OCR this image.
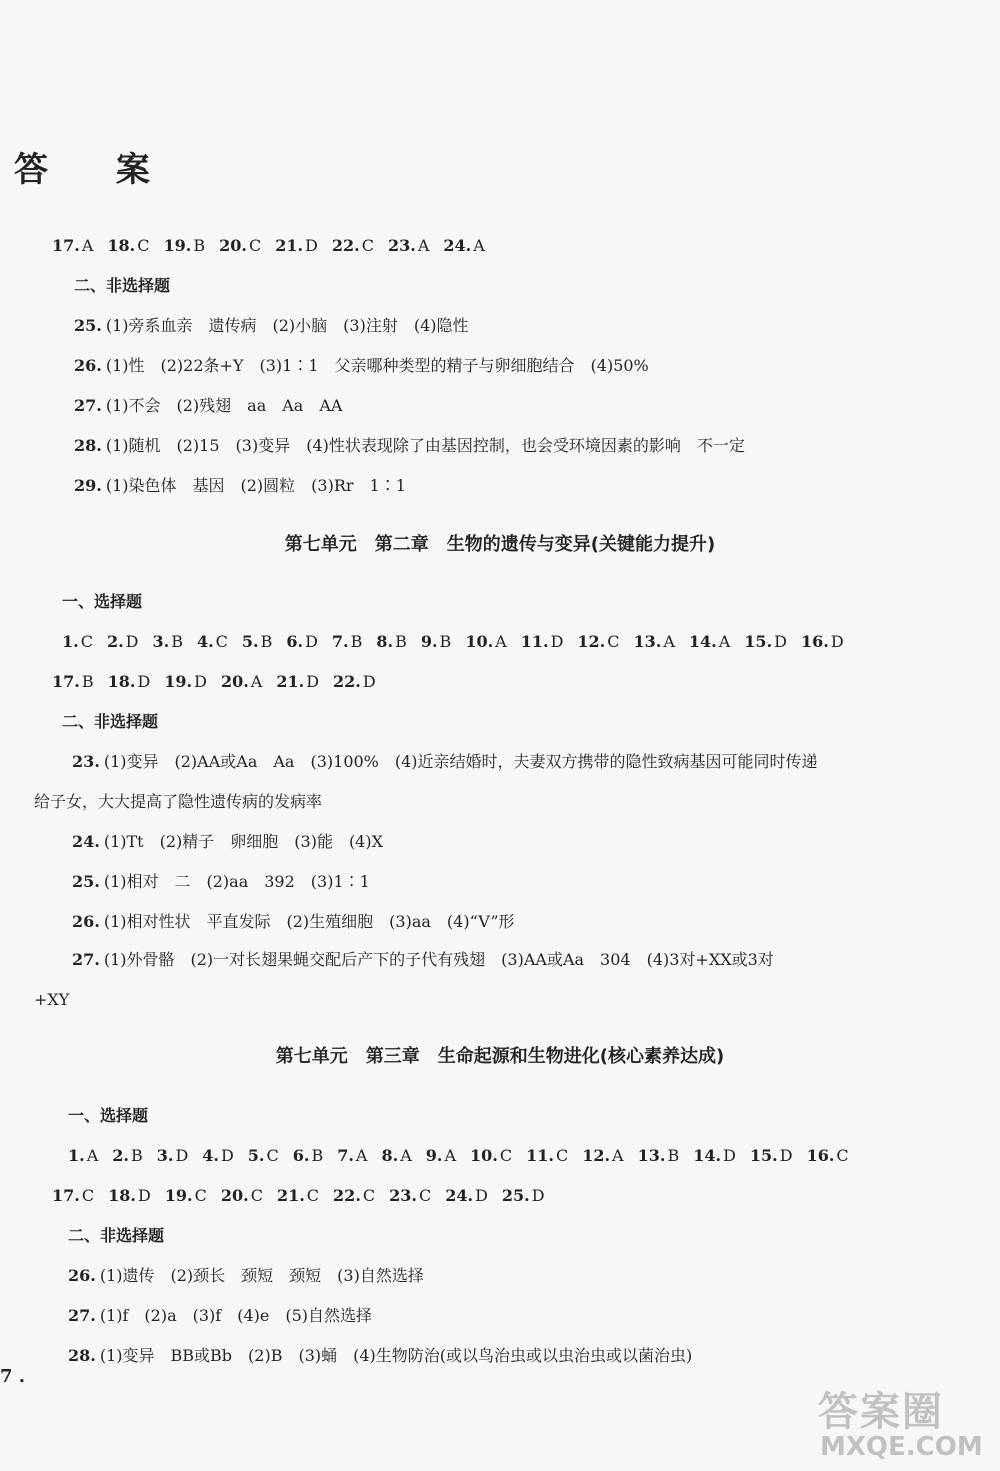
答 案
17. A 18. C 19. B 20. C 21. D 22. C 23. A 24. A
二、非选择题
25. (1)旁系血亲　遗传病　(2)小脑　(3)注射　(4)隐性
26. (1)性　(2)22条+Y　(3)1∶1　父亲哪种类型的精子与卵细胞结合　(4)50%
27. (1)不会　(2)残翅　aa　Aa　AA
28. (1)随机　(2)15　(3)变异　(4)性状表现除了由基因控制，也会受环境因素的影响　不一定
29. (1)染色体　基因　(2)圆粒　(3)Rr　1∶1
第七单元　第二章　生物的遗传与变异(关键能力提升)
一、选择题
1. C 2. D 3. B 4. C 5. B 6. D 7. B 8. B 9. B 10. A 11. D 12. C 13. A 14. A 15. D 16. D
17. B 18. D 19. D 20. A 21. D 22. D
二、非选择题
23. (1)变异　(2)AA或Aa　Aa　(3)100%　(4)近亲结婚时，夫妻双方携带的隐性致病基因可能同时传递
给子女，大大提高了隐性遗传病的发病率
24. (1)Tt　(2)精子　卵细胞　(3)能　(4)X
25. (1)相对　二　(2)aa　392　(3)1∶1
26. (1)相对性状　平直发际　(2)生殖细胞　(3)aa　(4)“V”形
27. (1)外骨骼　(2)一对长翅果蝇交配后产下的子代有残翅　(3)AA或Aa　304　(4)3对+XX或3对
+XY
第七单元　第三章　生命起源和生物进化(核心素养达成)
一、选择题
1. A 2. B 3. D 4. D 5. C 6. B 7. A 8. A 9. A 10. C 11. C 12. A 13. B 14. D 15. D 16. C
17. C 18. D 19. C 20. C 21. C 22. C 23. C 24. D 25. D
二、非选择题
26. (1)遗传　(2)颈长　颈短　颈短　(3)自然选择
27. (1)f　(2)a　(3)f　(4)e　(5)自然选择
28. (1)变异　BB或Bb　(2)B　(3)蛹　(4)生物防治(或以鸟治虫或以虫治虫或以菌治虫)
7 .
答案圈
MXQE.COM
